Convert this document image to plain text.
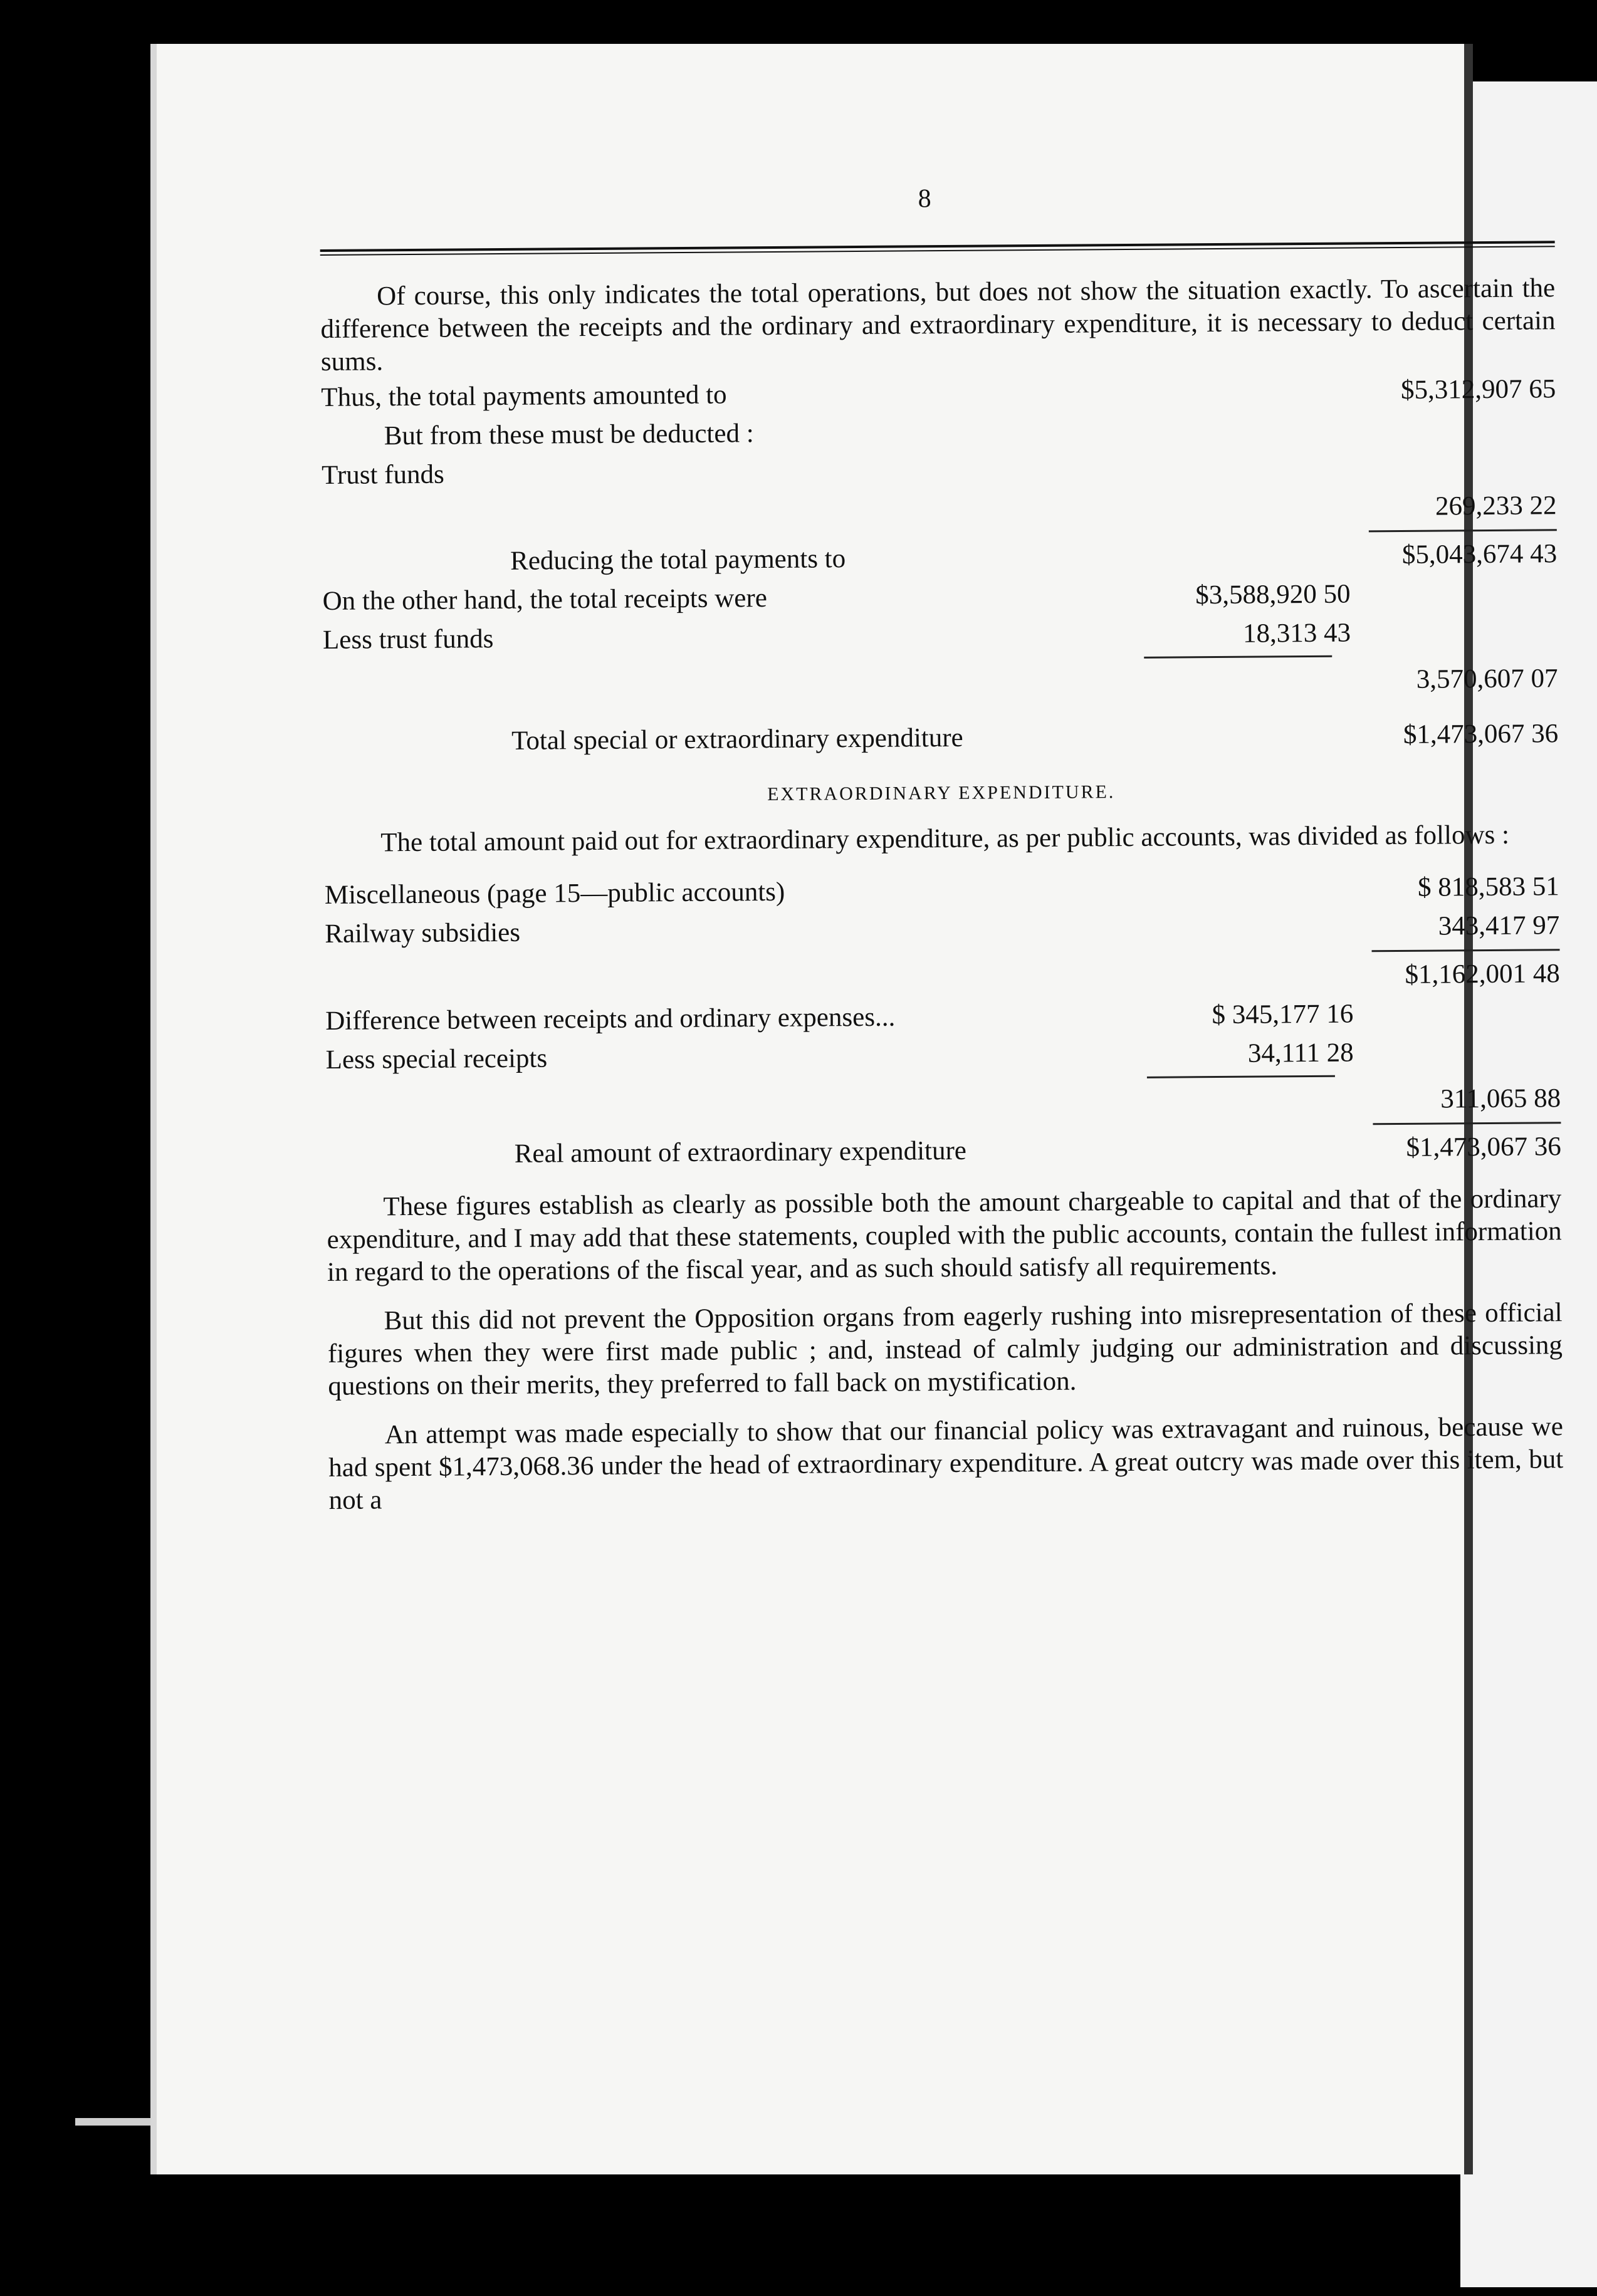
8

Of course, this only indicates the total operations, but does not show the situation exactly. To ascertain the difference between the receipts and the ordinary and extraordinary expenditure, it is necessary to deduct certain sums.

Thus, the total payments amounted to	$5,312,907 65
But from these must be deducted :
Trust funds
269,233 22
Reducing the total payments to	$5,043,674 43
On the other hand, the total receipts were	$3,588,920 50
Less trust funds	18,313 43
3,570,607 07
Total special or extraordinary expenditure	$1,473,067 36
EXTRAORDINARY EXPENDITURE.

The total amount paid out for extraordinary expenditure, as per public accounts, was divided as follows :

Miscellaneous (page 15—public accounts)	$ 818,583 51
Railway subsidies	343,417 97
$1,162,001 48
Difference between receipts and ordinary expenses...	$ 345,177 16
Less special receipts	34,111 28
311,065 88
Real amount of extraordinary expenditure	$1,473,067 36

These figures establish as clearly as possible both the amount chargeable to capital and that of the ordinary expenditure, and I may add that these statements, coupled with the public accounts, contain the fullest information in regard to the operations of the fiscal year, and as such should satisfy all requirements.

But this did not prevent the Opposition organs from eagerly rushing into misrepresentation of these official figures when they were first made public ; and, instead of calmly judging our administration and discussing questions on their merits, they preferred to fall back on mystification.

An attempt was made especially to show that our financial policy was extravagant and ruinous, because we had spent $1,473,068.36 under the head of extraordinary expenditure. A great outcry was made over this item, but not a
